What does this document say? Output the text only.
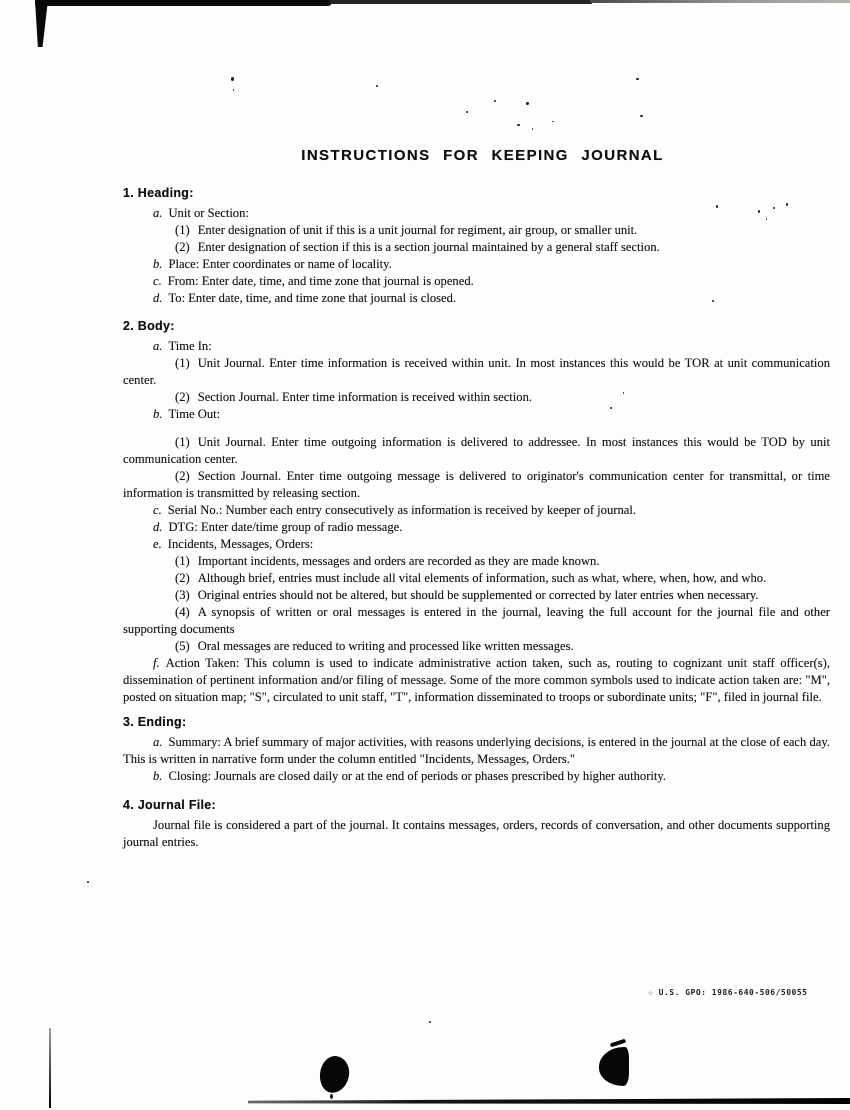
INSTRUCTIONS FOR KEEPING JOURNAL
1. Heading:

a. Unit or Section:

(1) Enter designation of unit if this is a unit journal for regiment, air group, or smaller unit.

(2) Enter designation of section if this is a section journal maintained by a general staff section.

b. Place: Enter coordinates or name of locality.

c. From: Enter date, time, and time zone that journal is opened.

d. To: Enter date, time, and time zone that journal is closed.

2. Body:

a. Time In:

(1) Unit Journal. Enter time information is received within unit. In most instances this would be TOR at unit communication center.

(2) Section Journal. Enter time information is received within section.

b. Time Out:

(1) Unit Journal. Enter time outgoing information is delivered to addressee. In most instances this would be TOD by unit communication center.

(2) Section Journal. Enter time outgoing message is delivered to originator's communication center for transmittal, or time information is transmitted by releasing section.

c. Serial No.: Number each entry consecutively as information is received by keeper of journal.

d. DTG: Enter date/time group of radio message.

e. Incidents, Messages, Orders:

(1) Important incidents, messages and orders are recorded as they are made known.

(2) Although brief, entries must include all vital elements of information, such as what, where, when, how, and who.

(3) Original entries should not be altered, but should be supplemented or corrected by later entries when necessary.

(4) A synopsis of written or oral messages is entered in the journal, leaving the full account for the journal file and other supporting documents

(5) Oral messages are reduced to writing and processed like written messages.

f. Action Taken: This column is used to indicate administrative action taken, such as, routing to cognizant unit staff officer(s), dissemination of pertinent information and/or filing of message. Some of the more common symbols used to indicate action taken are: "M", posted on situation map; "S", circulated to unit staff, "T", information disseminated to troops or subordinate units; "F", filed in journal file.

3. Ending:

a. Summary: A brief summary of major activities, with reasons underlying decisions, is entered in the journal at the close of each day. This is written in narrative form under the column entitled "Incidents, Messages, Orders."

b. Closing: Journals are closed daily or at the end of periods or phases prescribed by higher authority.

4. Journal File:

Journal file is considered a part of the journal. It contains messages, orders, records of conversation, and other documents supporting journal entries.

☆ U.S. GPO: 1986-640-506/50055
